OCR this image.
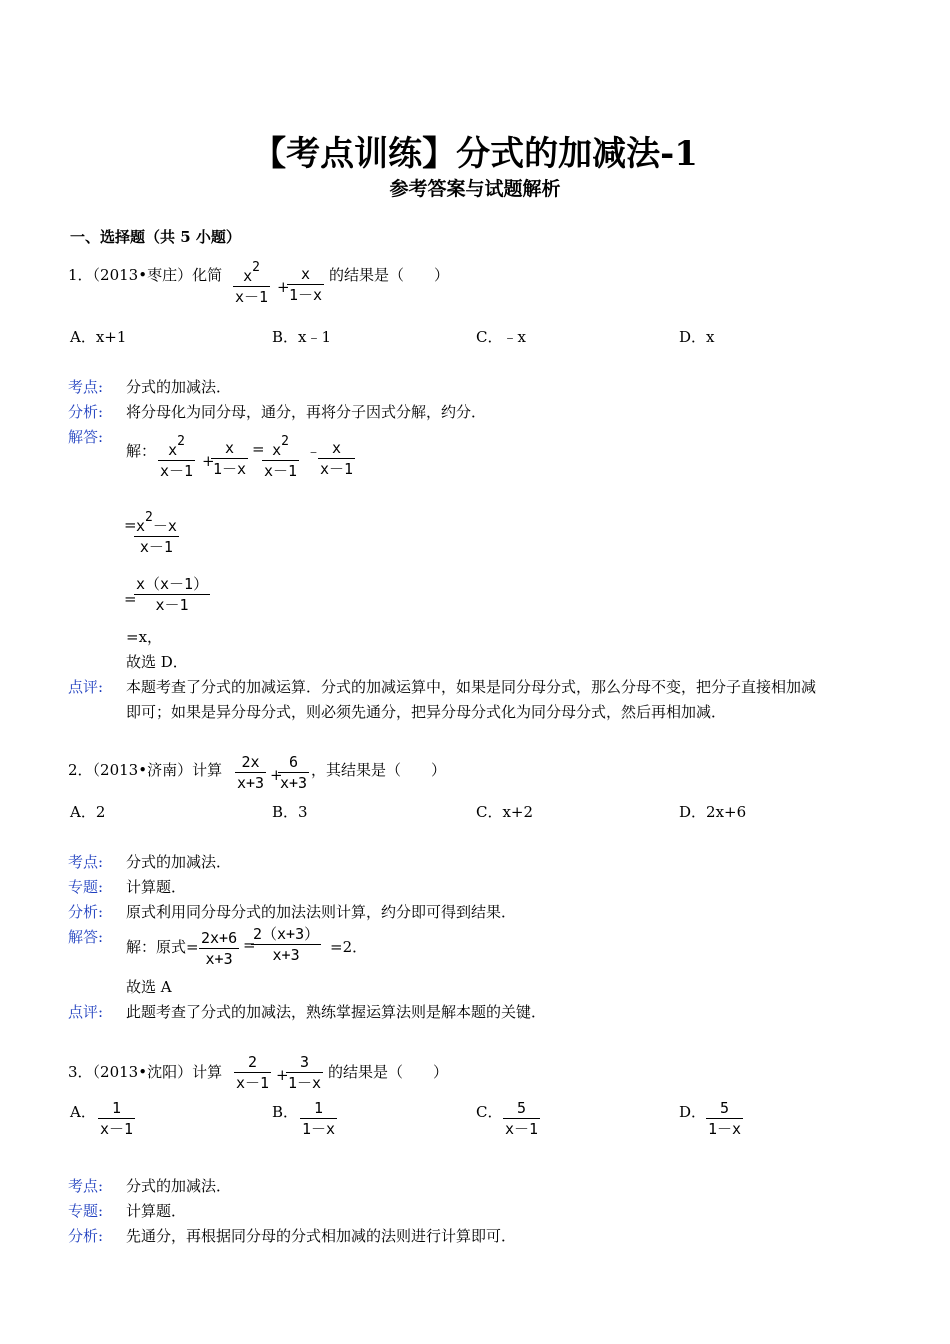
【考点训练】分式的加减法-1
参考答案与试题解析
一、选择题（共 5 小题）
1．（2013•枣庄）化简 $\frac{x^2}{x-1}$ +
$\frac{x}{1-x}$ 的结果是（　　）
A．x+1	B．x﹣1	C．﹣x	D．x
考点: 分式的加减法．
分析: 将分母化为同分母，通分，再将分子因式分解，约分．
解答:
解： $\frac{x^2}{x-1}$ +
$\frac{x}{1-x}$ =
$\frac{x^2}{x-1}$ ﹣
$\frac{x}{x-1}$
=
$\frac{x^2-x}{x-1}$
=
$\frac{x(x-1)}{x-1}$
=x，
故选 D．
点评: 本题考查了分式的加减运算．分式的加减运算中，如果是同分母分式，那么分母不变，把分子直接相加减
即可；如果是异分母分式，则必须先通分，把异分母分式化为同分母分式，然后再相加减．
2．（2013•济南）计算 $\frac{2x}{x+3}$ +
$\frac{6}{x+3}$ ，其结果是（　　）
A．2	B．3	C．x+2	D．2x+6
考点: 分式的加减法．
专题: 计算题．
分析: 原式利用同分母分式的加法法则计算，约分即可得到结果．
解答:
解：原式= $\frac{2x+6}{x+3}$ =
$\frac{2(x+3)}{x+3} =2$．
故选 A
点评: 此题考查了分式的加减法，熟练掌握运算法则是解本题的关键．
3．（2013•沈阳）计算 $\frac{2}{x-1}$ +
$\frac{3}{1-x}$ 的结果是（　　）
A． $\frac{1}{x-1}$	B． $\frac{1}{1-x}$	C． $\frac{5}{x-1}$	D． $\frac{5}{1-x}$
考点: 分式的加减法．
专题: 计算题．
分析: 先通分，再根据同分母的分式相加减的法则进行计算即可．
